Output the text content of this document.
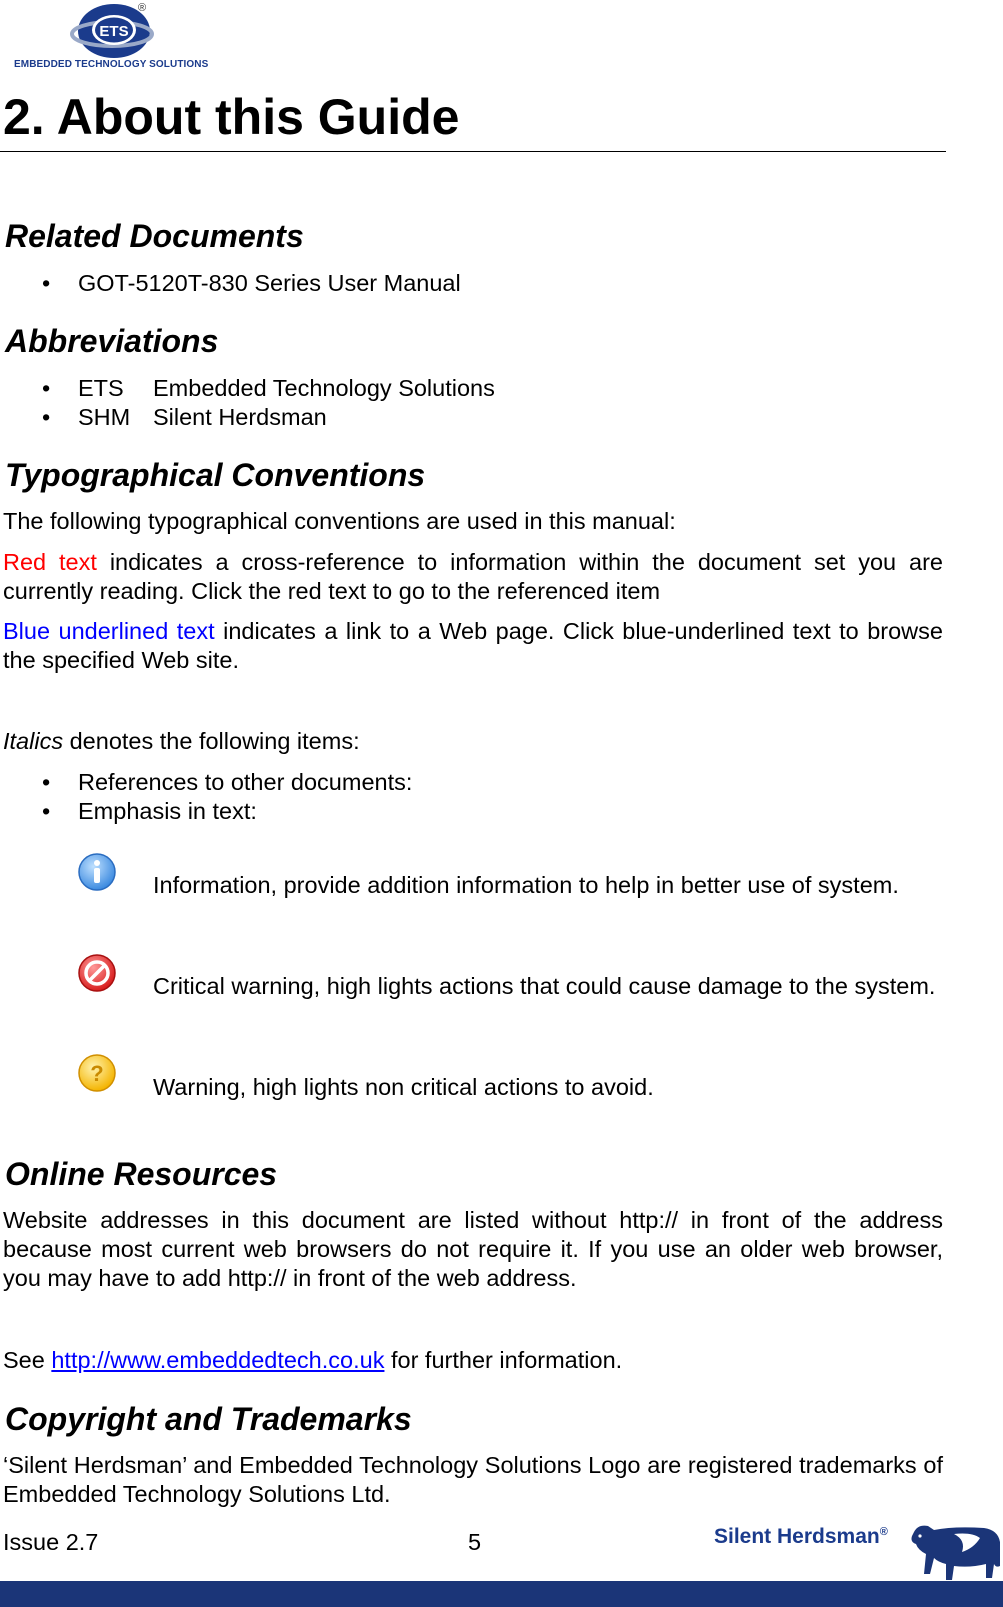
ETS
®
EMBEDDED TECHNOLOGY SOLUTIONS
2. About this Guide
Related Documents
• GOT-5120T-830 Series User Manual
Abbreviations
• ETS Embedded Technology Solutions
• SHM Silent Herdsman
Typographical Conventions
The following typographical conventions are used in this manual:
Red text indicates a cross-reference to information within the document set you are currently reading. Click the red text to go to the referenced item
Blue underlined text indicates a link to a Web page. Click blue-underlined text to browse the specified Web site.
Italics denotes the following items:
• References to other documents:
• Emphasis in text:
Information, provide addition information to help in better use of system.
Critical warning, high lights actions that could cause damage to the system.
?
Warning, high lights non critical actions to avoid.
Online Resources
Website addresses in this document are listed without http:// in front of the address because most current web browsers do not require it. If you use an older web browser, you may have to add http:// in front of the web address.
See http://www.embeddedtech.co.uk for further information.
Copyright and Trademarks
‘Silent Herdsman’ and Embedded Technology Solutions Logo are registered trademarks of Embedded Technology Solutions Ltd.
Issue 2.7	5	Silent Herdsman®
